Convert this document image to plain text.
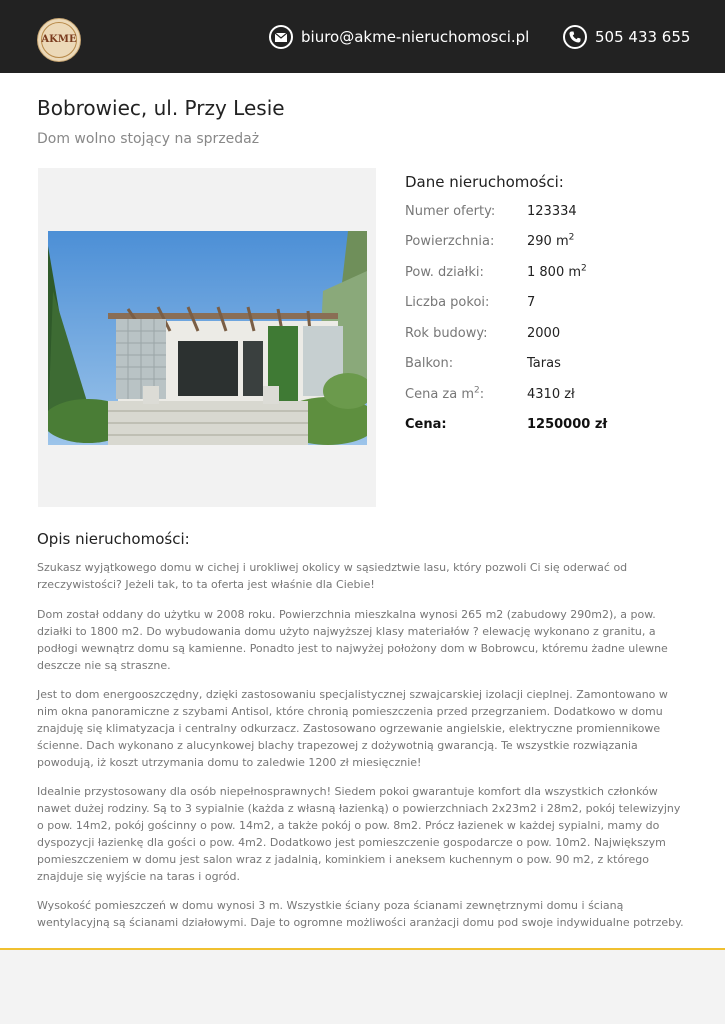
AKME	biuro@akme-nieruchomosci.pl	505 433 655
Bobrowiec, ul. Przy Lesie
Dom wolno stojący na sprzedaż
Dane nieruchomości:
Numer oferty: 123334
Powierzchnia:	290 $m^2$
Pow. działki:	1 800 $m^2$
Liczba pokoi:	7
Rok budowy:	2000
Balkon:	Taras
Cena za $m^2$:	4310 zł
Cena:	1250000 zł
Opis nieruchomości:

Szukasz wyjątkowego domu w cichej i urokliwej okolicy w sąsiedztwie lasu, który pozwoli Ci się oderwać od rzeczywistości? Jeżeli tak, to ta oferta jest właśnie dla Ciebie!

Dom został oddany do użytku w 2008 roku. Powierzchnia mieszkalna wynosi 265 m2 (zabudowy 290m2), a pow. działki to 1800 m2. Do wybudowania domu użyto najwyższej klasy materiałów ? elewację wykonano z granitu, a podłogi wewnątrz domu są kamienne. Ponadto jest to najwyżej położony dom w Bobrowcu, któremu żadne ulewne deszcze nie są straszne.

Jest to dom energooszczędny, dzięki zastosowaniu specjalistycznej szwajcarskiej izolacji cieplnej. Zamontowano w nim okna panoramiczne z szybami Antisol, które chronią pomieszczenia przed przegrzaniem. Dodatkowo w domu znajduję się klimatyzacja i centralny odkurzacz. Zastosowano ogrzewanie angielskie, elektryczne promiennikowe ścienne. Dach wykonano z alucynkowej blachy trapezowej z dożywotnią gwarancją. Te wszystkie rozwiązania powodują, iż koszt utrzymania domu to zaledwie 1200 zł miesięcznie!

Idealnie przystosowany dla osób niepełnosprawnych! Siedem pokoi gwarantuje komfort dla wszystkich członków nawet dużej rodziny. Są to 3 sypialnie (każda z własną łazienką) o powierzchniach 2x23m2 i 28m2, pokój telewizyjny o pow. 14m2, pokój gościnny o pow. 14m2, a także pokój o pow. 8m2. Prócz łazienek w każdej sypialni, mamy do dyspozycji łazienkę dla gości o pow. 4m2. Dodatkowo jest pomieszczenie gospodarcze o pow. 10m2. Największym pomieszczeniem w domu jest salon wraz z jadalnią, kominkiem i aneksem kuchennym o pow. 90 m2, z którego znajduje się wyjście na taras i ogród.

Wysokość pomieszczeń w domu wynosi 3 m. Wszystkie ściany poza ścianami zewnętrznymi domu i ścianą wentylacyjną są ścianami działowymi. Daje to ogromne możliwości aranżacji domu pod swoje indywidualne potrzeby.
